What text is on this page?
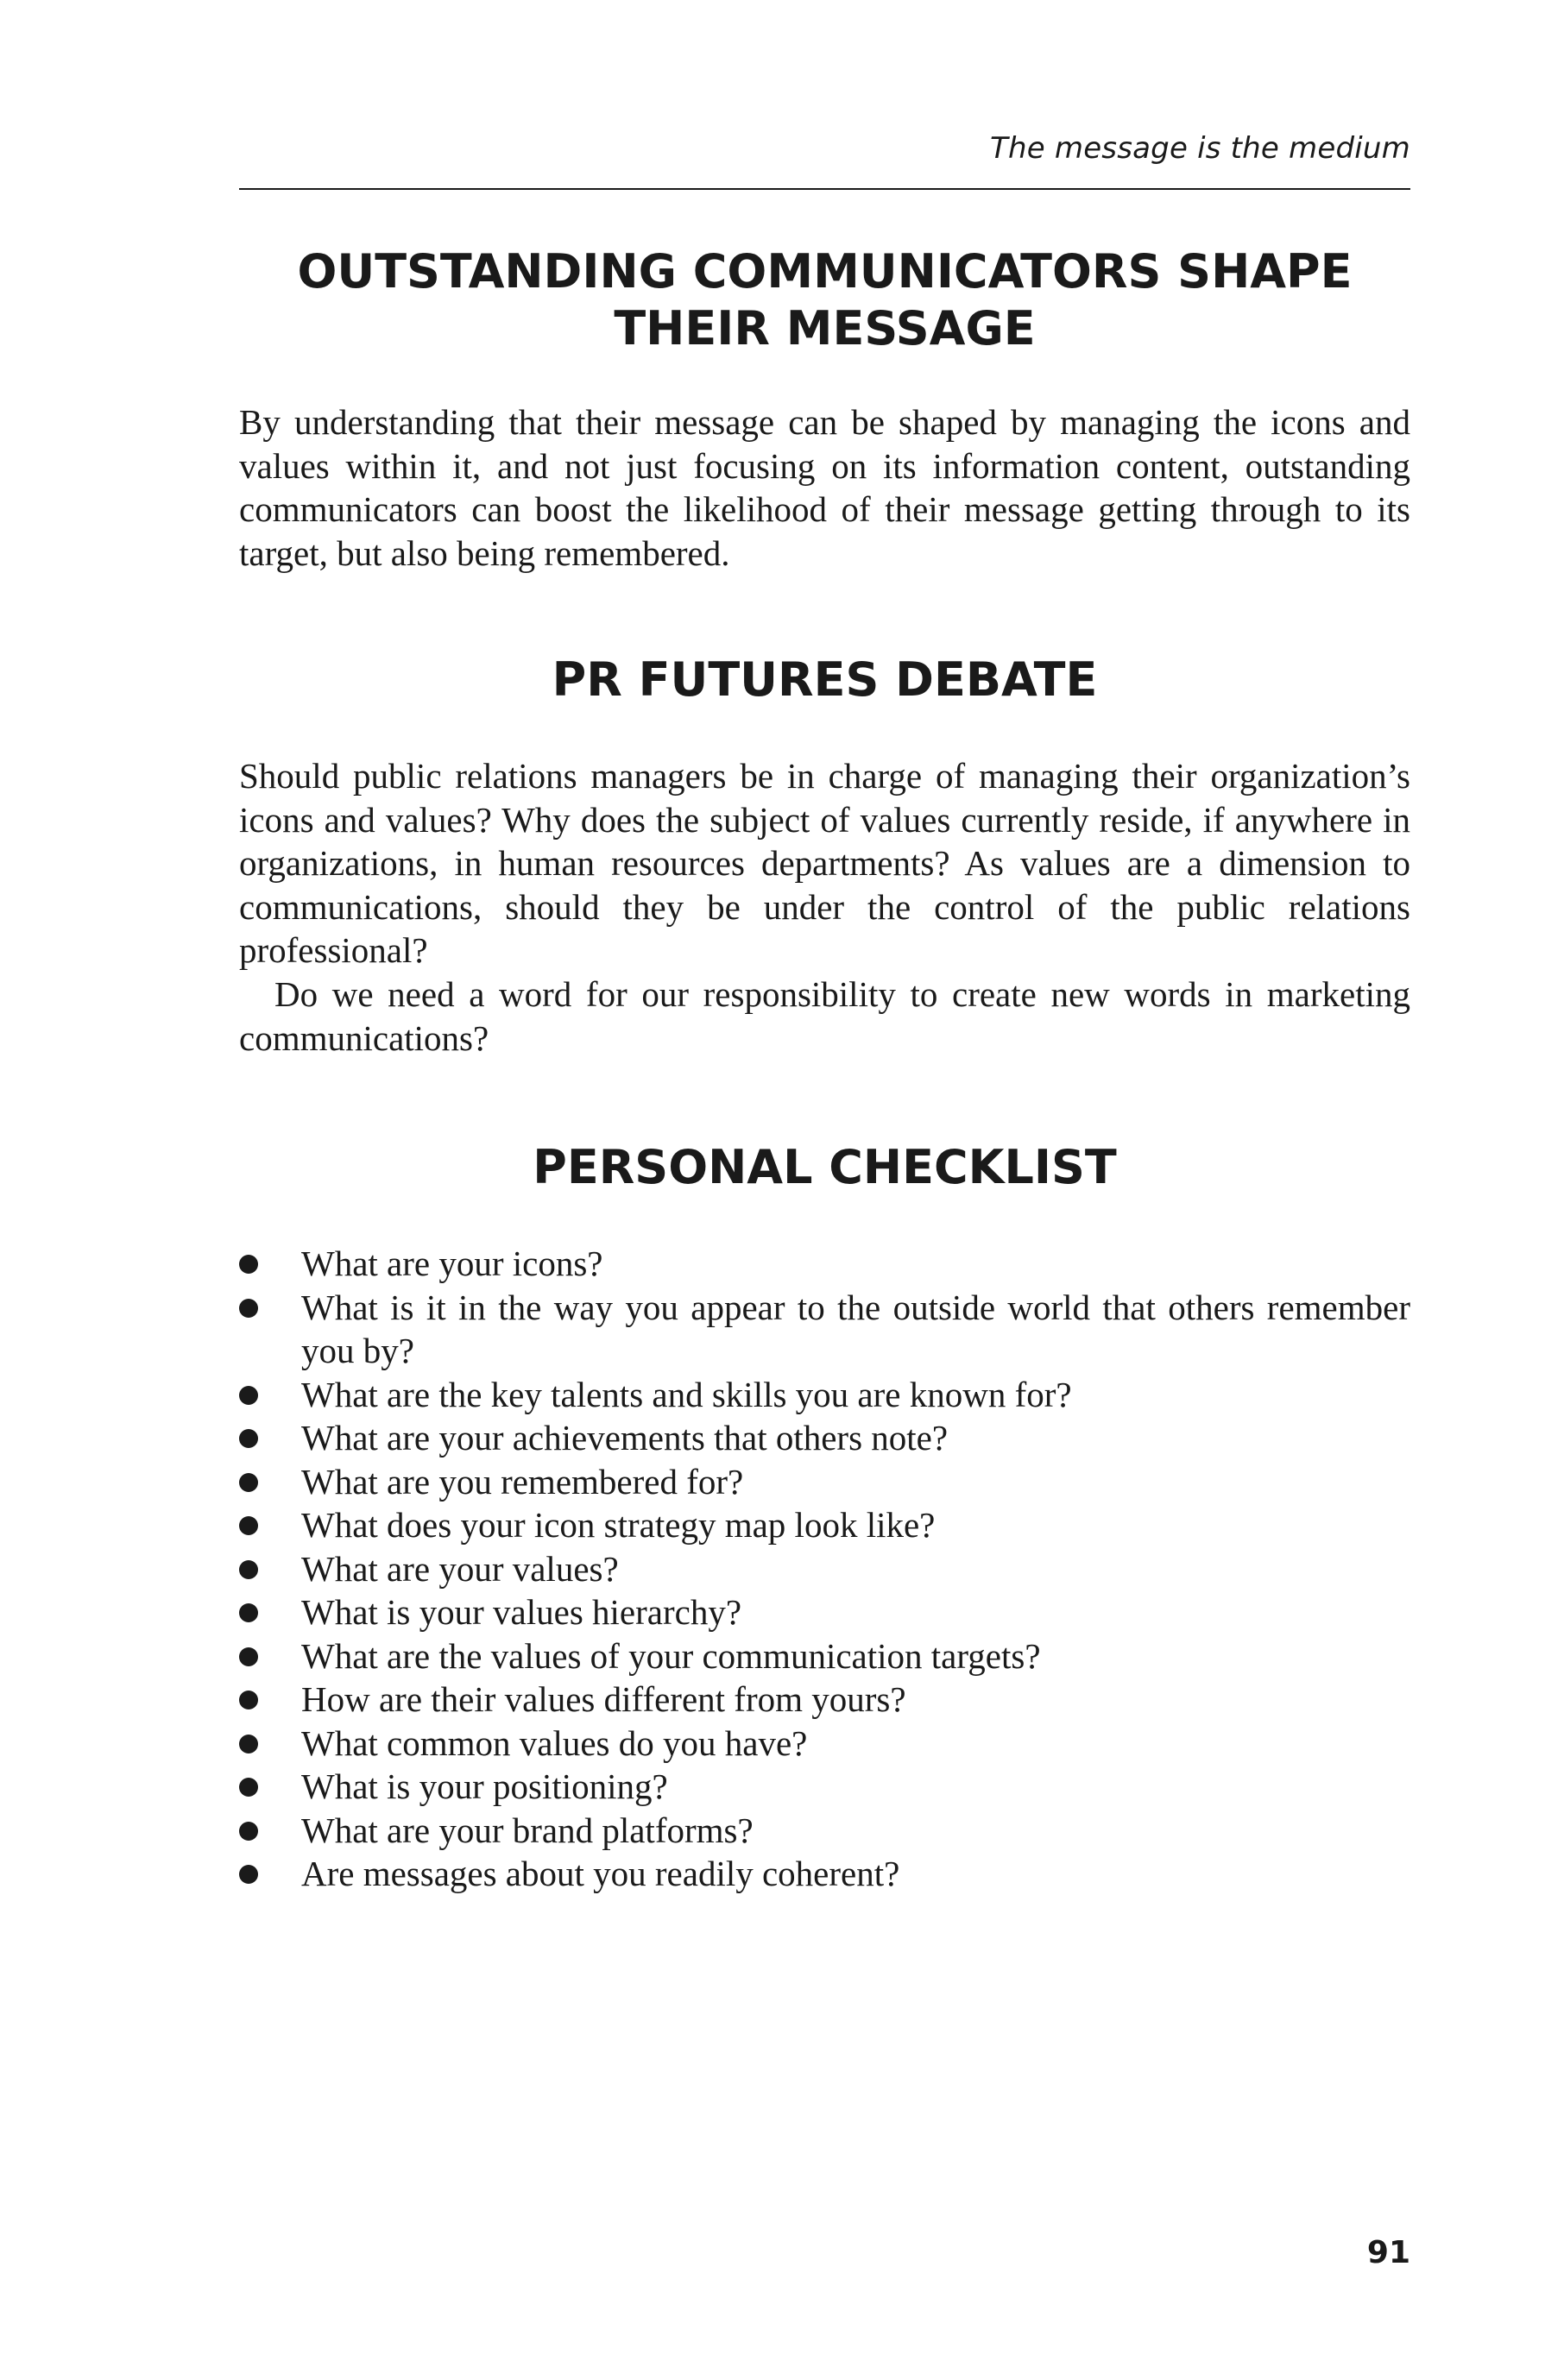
The message is the medium
OUTSTANDING COMMUNICATORS SHAPE THEIR MESSAGE

By understanding that their message can be shaped by managing the icons and values within it, and not just focusing on its information content, outstanding communicators can boost the likelihood of their message getting through to its target, but also being remembered.

PR FUTURES DEBATE

Should public relations managers be in charge of managing their organization’s icons and values? Why does the subject of values currently reside, if anywhere in organizations, in human resources departments? As values are a dimension to communications, should they be under the control of the public relations professional?

Do we need a word for our responsibility to create new words in marketing communications?

PERSONAL CHECKLIST
What are your icons?
What is it in the way you appear to the outside world that others remember you by?
What are the key talents and skills you are known for?
What are your achievements that others note?
What are you remembered for?
What does your icon strategy map look like?
What are your values?
What is your values hierarchy?
What are the values of your communication targets?
How are their values different from yours?
What common values do you have?
What is your positioning?
What are your brand platforms?
Are messages about you readily coherent?
91
